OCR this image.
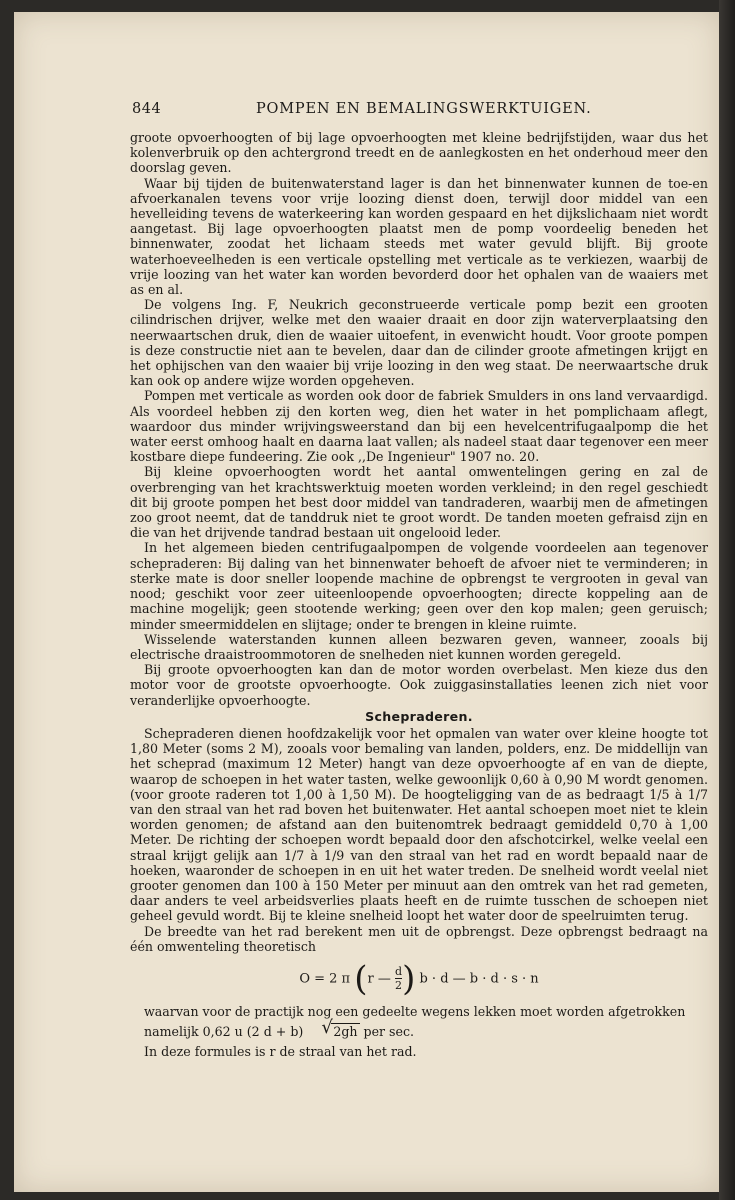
844	POMPEN EN BEMALINGSWERKTUIGEN.

groote opvoerhoogten of bij lage opvoerhoogten met kleine bedrijfstijden, waar dus het kolenverbruik op den achtergrond treedt en de aanlegkosten en het onderhoud meer den doorslag geven.

Waar bij tijden de buitenwaterstand lager is dan het binnenwater kunnen de toe-en afvoerkanalen tevens voor vrije loozing dienst doen, terwijl door middel van een hevelleiding tevens de waterkeering kan worden gespaard en het dijkslichaam niet wordt aangetast. Bij lage opvoerhoogten plaatst men de pomp voordeelig beneden het binnenwater, zoodat het lichaam steeds met water gevuld blijft. Bij groote waterhoeveelheden is een verticale opstelling met verticale as te verkiezen, waarbij de vrije loozing van het water kan worden bevorderd door het ophalen van de waaiers met as en al.

De volgens Ing. F, Neukrich geconstrueerde verticale pomp bezit een grooten cilindrischen drijver, welke met den waaier draait en door zijn waterverplaatsing den neerwaartschen druk, dien de waaier uitoefent, in evenwicht houdt. Voor groote pompen is deze constructie niet aan te bevelen, daar dan de cilinder groote afmetingen krijgt en het ophijschen van den waaier bij vrije loozing in den weg staat. De neerwaartsche druk kan ook op andere wijze worden opgeheven.

Pompen met verticale as worden ook door de fabriek Smulders in ons land vervaardigd. Als voordeel hebben zij den korten weg, dien het water in het pomplichaam aflegt, waardoor dus minder wrijvingsweerstand dan bij een hevelcentrifugaalpomp die het water eerst omhoog haalt en daarna laat vallen; als nadeel staat daar tegenover een meer kostbare diepe fundeering. Zie ook ,,De Ingenieur" 1907 no. 20.

Bij kleine opvoerhoogten wordt het aantal omwentelingen gering en zal de overbrenging van het krachtswerktuig moeten worden verkleind; in den regel geschiedt dit bij groote pompen het best door middel van tandraderen, waarbij men de afmetingen zoo groot neemt, dat de tanddruk niet te groot wordt. De tanden moeten gefraisd zijn en die van het drijvende tandrad bestaan uit ongelooid leder.

In het algemeen bieden centrifugaalpompen de volgende voordeelen aan tegenover schepraderen: Bij daling van het binnenwater behoeft de afvoer niet te verminderen; in sterke mate is door sneller loopende machine de opbrengst te vergrooten in geval van nood; geschikt voor zeer uiteenloopende opvoerhoogten; directe koppeling aan de machine mogelijk; geen stootende werking; geen over den kop malen; geen geruisch; minder smeermiddelen en slijtage; onder te brengen in kleine ruimte.

Wisselende waterstanden kunnen alleen bezwaren geven, wanneer, zooals bij electrische draaistroommotoren de snelheden niet kunnen worden geregeld.

Bij groote opvoerhoogten kan dan de motor worden overbelast. Men kieze dus den motor voor de grootste opvoerhoogte. Ook zuiggasinstallaties leenen zich niet voor veranderlijke opvoerhoogte.

Schepraderen.

Schepraderen dienen hoofdzakelijk voor het opmalen van water over kleine hoogte tot 1,80 Meter (soms 2 M), zooals voor bemaling van landen, polders, enz. De middellijn van het scheprad (maximum 12 Meter) hangt van deze opvoerhoogte af en van de diepte, waarop de schoepen in het water tasten, welke gewoonlijk 0,60 à 0,90 M wordt genomen. (voor groote raderen tot 1,00 à 1,50 M). De hoogteligging van de as bedraagt 1/5 à 1/7 van den straal van het rad boven het buitenwater. Het aantal schoepen moet niet te klein worden genomen; de afstand aan den buitenomtrek bedraagt gemiddeld 0,70 à 1,00 Meter. De richting der schoepen wordt bepaald door den afschotcirkel, welke veelal een straal krijgt gelijk aan 1/7 à 1/9 van den straal van het rad en wordt bepaald naar de hoeken, waaronder de schoepen in en uit het water treden. De snelheid wordt veelal niet grooter genomen dan 100 à 150 Meter per minuut aan den omtrek van het rad gemeten, daar anders te veel arbeidsverlies plaats heeft en de ruimte tusschen de schoepen niet geheel gevuld wordt. Bij te kleine snelheid loopt het water door de speelruimten terug.

De breedte van het rad berekent men uit de opbrengst. Deze opbrengst bedraagt na één omwenteling theoretisch

O = 2 π (r — $\frac{d}{2}$ ) b · d — b · d · s · n

waarvan voor de practijk nog een gedeelte wegens lekken moet worden afgetrokken

namelijk 0,62 u (2 d + b)	√ 2gh per sec.

In deze formules is r de straal van het rad.
